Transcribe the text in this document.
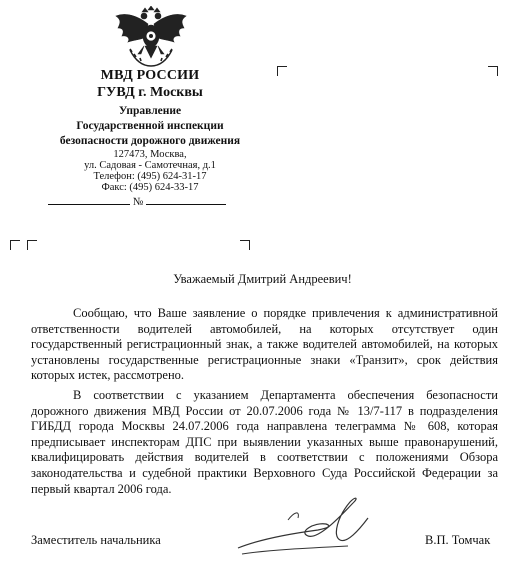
МВД РОССИИ
ГУВД г. Москвы
Управление
Государственной инспекции
безопасности дорожного движения
127473, Москва,
ул. Садовая - Самотечная, д.1
Телефон: (495) 624-31-17
Факс: (495) 624-33-17
№
Уважаемый Дмитрий Андреевич!

Сообщаю, что Ваше заявление о порядке привлечения к административной ответственности водителей автомобилей, на которых отсутствует один государственный регистрационный знак, а также водителей автомобилей, на которых установлены государственные регистрационные знаки «Транзит», срок действия которых истек, рассмотрено.

В соответствии с указанием Департамента обеспечения безопасности дорожного движения МВД России от 20.07.2006 года № 13/7-117 в подразделения ГИБДД города Москвы 24.07.2006 года направлена телеграмма № 608, которая предписывает инспекторам ДПС при выявлении указанных выше правонарушений, квалифицировать действия водителей в соответствии с положениями Обзора законодательства и судебной практики Верховного Суда Российской Федерации за первый квартал 2006 года.

Заместитель начальника	В.П. Томчак
